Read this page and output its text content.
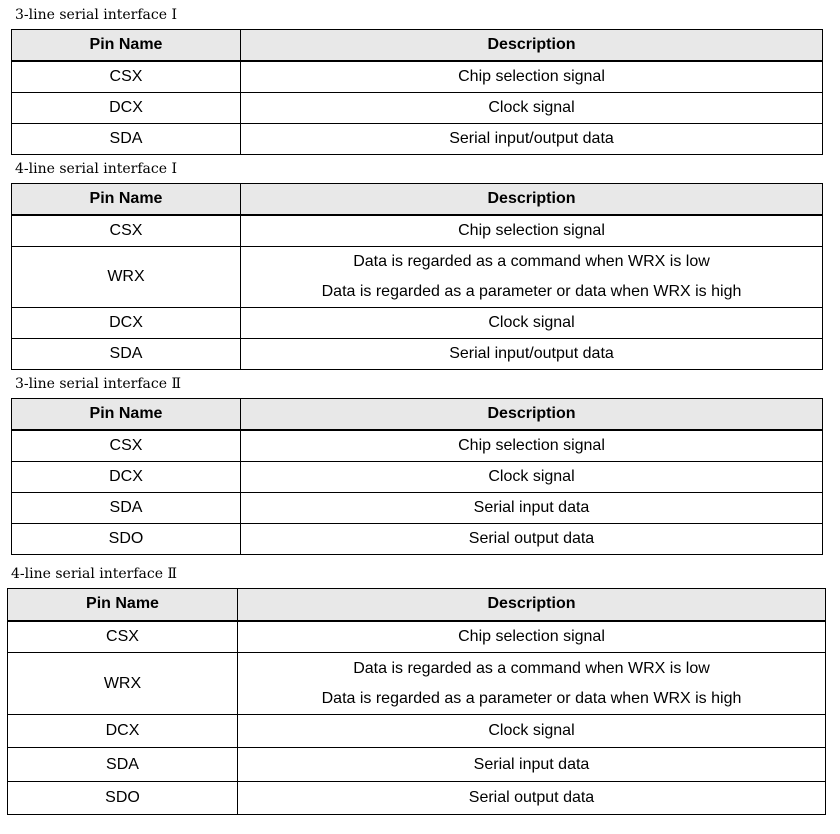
3-line serial interface Ⅰ
Pin Name	Description
CSX	Chip selection signal

DCX	Clock signal

SDA	Serial input/output data
4-line serial interface Ⅰ
Pin Name	Description
CSX	Chip selection signal

WRX	Data is regarded as a command when WRX is low
Data is regarded as a parameter or data when WRX is high

DCX	Clock signal

SDA	Serial input/output data
3-line serial interface Ⅱ
Pin Name	Description
CSX	Chip selection signal

DCX	Clock signal

SDA	Serial input data

SDO	Serial output data
4-line serial interface Ⅱ
Pin Name	Description
CSX	Chip selection signal

WRX	Data is regarded as a command when WRX is low
Data is regarded as a parameter or data when WRX is high

DCX	Clock signal

SDA	Serial input data

SDO	Serial output data
